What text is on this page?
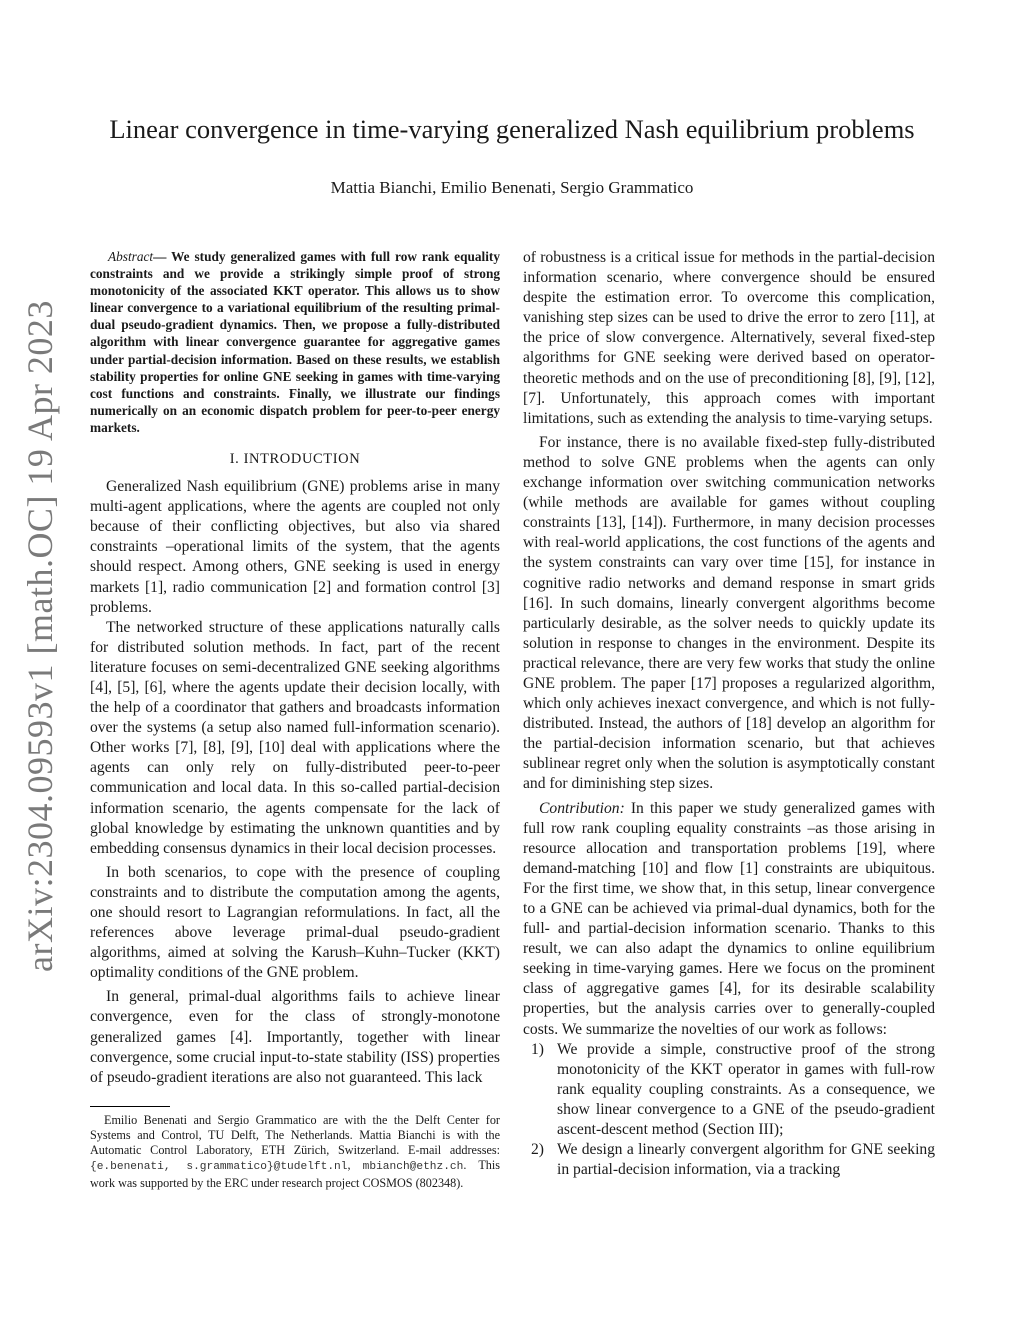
arXiv:2304.09593v1 [math.OC] 19 Apr 2023
Linear convergence in time-varying generalized Nash equilibrium problems
Mattia Bianchi, Emilio Benenati, Sergio Grammatico

Abstract— We study generalized games with full row rank equality constraints and we provide a strikingly simple proof of strong monotonicity of the associated KKT operator. This allows us to show linear convergence to a variational equilibrium of the resulting primal-dual pseudo-gradient dynamics. Then, we propose a fully-distributed algorithm with linear convergence guarantee for aggregative games under partial-decision information. Based on these results, we establish stability properties for online GNE seeking in games with time-varying cost functions and constraints. Finally, we illustrate our findings numerically on an economic dispatch problem for peer-to-peer energy markets.

I. INTRODUCTION

Generalized Nash equilibrium (GNE) problems arise in many multi-agent applications, where the agents are coupled not only because of their conflicting objectives, but also via shared constraints –operational limits of the system, that the agents should respect. Among others, GNE seeking is used in energy markets [1], radio communication [2] and formation control [3] problems.

The networked structure of these applications naturally calls for distributed solution methods. In fact, part of the recent literature focuses on semi-decentralized GNE seeking algorithms [4], [5], [6], where the agents update their decision locally, with the help of a coordinator that gathers and broadcasts information over the systems (a setup also named full-information scenario). Other works [7], [8], [9], [10] deal with applications where the agents can only rely on fully-distributed peer-to-peer communication and local data. In this so-called partial-decision information scenario, the agents compensate for the lack of global knowledge by estimating the unknown quantities and by embedding consensus dynamics in their local decision processes.

In both scenarios, to cope with the presence of coupling constraints and to distribute the computation among the agents, one should resort to Lagrangian reformulations. In fact, all the references above leverage primal-dual pseudo-gradient algorithms, aimed at solving the Karush–Kuhn–Tucker (KKT) optimality conditions of the GNE problem.

In general, primal-dual algorithms fails to achieve linear convergence, even for the class of strongly-monotone generalized games [4]. Importantly, together with linear convergence, some crucial input-to-state stability (ISS) properties of pseudo-gradient iterations are also not guaranteed. This lack

Emilio Benenati and Sergio Grammatico are with the the Delft Center for Systems and Control, TU Delft, The Netherlands. Mattia Bianchi is with the Automatic Control Laboratory, ETH Zürich, Switzerland. E-mail addresses: {e.benenati, s.grammatico}@tudelft.nl, mbianch@ethz.ch. This work was supported by the ERC under research project COSMOS (802348).

of robustness is a critical issue for methods in the partial-decision information scenario, where convergence should be ensured despite the estimation error. To overcome this complication, vanishing step sizes can be used to drive the error to zero [11], at the price of slow convergence. Alternatively, several fixed-step algorithms for GNE seeking were derived based on operator-theoretic methods and on the use of preconditioning [8], [9], [12], [7]. Unfortunately, this approach comes with important limitations, such as extending the analysis to time-varying setups.

For instance, there is no available fixed-step fully-distributed method to solve GNE problems when the agents can only exchange information over switching communication networks (while methods are available for games without coupling constraints [13], [14]). Furthermore, in many decision processes with real-world applications, the cost functions of the agents and the system constraints can vary over time [15], for instance in cognitive radio networks and demand response in smart grids [16]. In such domains, linearly convergent algorithms become particularly desirable, as the solver needs to quickly update its solution in response to changes in the environment. Despite its practical relevance, there are very few works that study the online GNE problem. The paper [17] proposes a regularized algorithm, which only achieves inexact convergence, and which is not fully-distributed. Instead, the authors of [18] develop an algorithm for the partial-decision information scenario, but that achieves sublinear regret only when the solution is asymptotically constant and for diminishing step sizes.

Contribution: In this paper we study generalized games with full row rank coupling equality constraints –as those arising in resource allocation and transportation problems [19], where demand-matching [10] and flow [1] constraints are ubiquitous. For the first time, we show that, in this setup, linear convergence to a GNE can be achieved via primal-dual dynamics, both for the full- and partial-decision information scenario. Thanks to this result, we can also adapt the dynamics to online equilibrium seeking in time-varying games. Here we focus on the prominent class of aggregative games [4], for its desirable scalability properties, but the analysis carries over to generally-coupled costs. We summarize the novelties of our work as follows:

1) We provide a simple, constructive proof of the strong monotonicity of the KKT operator in games with full-row rank equality coupling constraints. As a consequence, we show linear convergence to a GNE of the pseudo-gradient ascent-descent method (Section III);
2) We design a linearly convergent algorithm for GNE seeking in partial-decision information, via a tracking
